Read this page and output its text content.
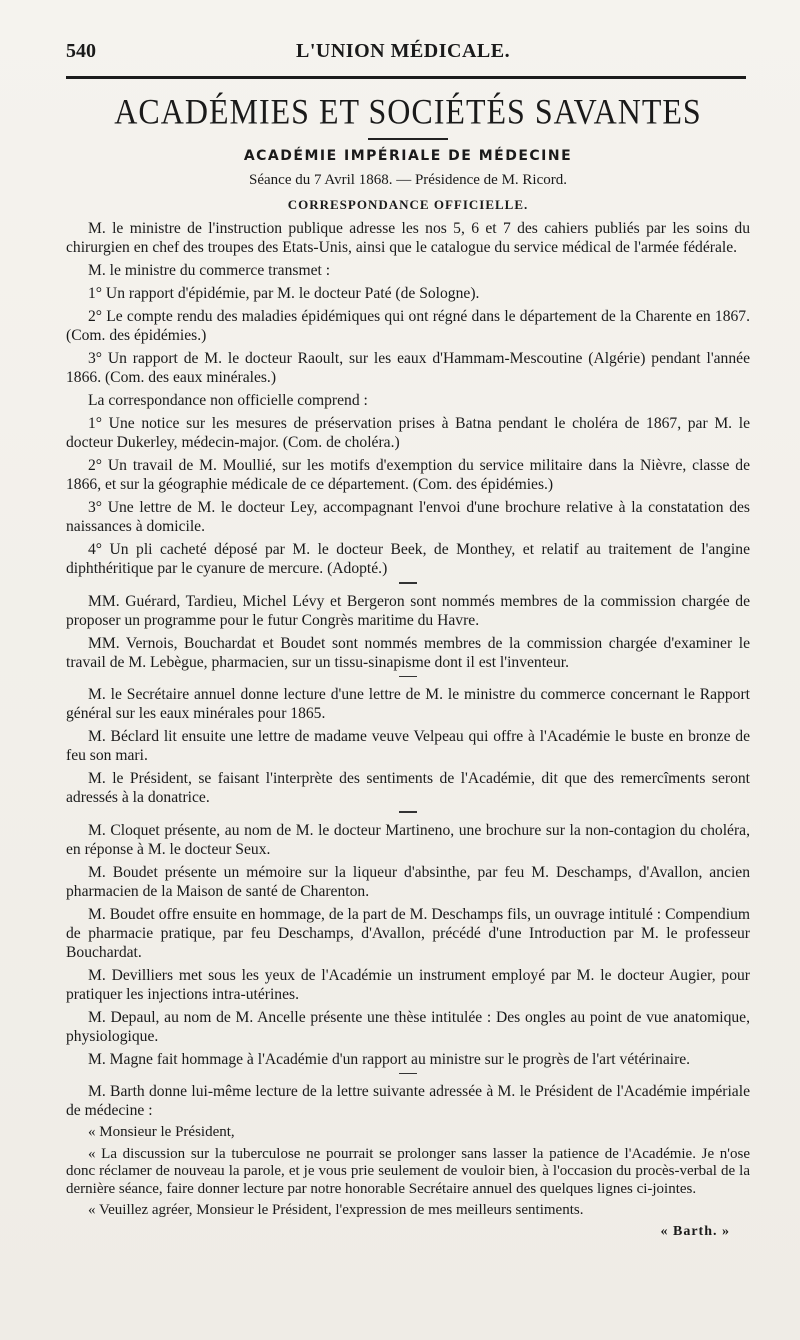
540	L'UNION MÉDICALE.
ACADÉMIES ET SOCIÉTÉS SAVANTES
ACADÉMIE IMPÉRIALE DE MÉDECINE
Séance du 7 Avril 1868. — Présidence de M. Ricord.
CORRESPONDANCE OFFICIELLE.

M. le ministre de l'instruction publique adresse les nos 5, 6 et 7 des cahiers publiés par les soins du chirurgien en chef des troupes des Etats-Unis, ainsi que le catalogue du service médical de l'armée fédérale.

M. le ministre du commerce transmet :

1° Un rapport d'épidémie, par M. le docteur Paté (de Sologne).

2° Le compte rendu des maladies épidémiques qui ont régné dans le département de la Charente en 1867. (Com. des épidémies.)

3° Un rapport de M. le docteur Raoult, sur les eaux d'Hammam-Mescoutine (Algérie) pendant l'année 1866. (Com. des eaux minérales.)

La correspondance non officielle comprend :

1° Une notice sur les mesures de préservation prises à Batna pendant le choléra de 1867, par M. le docteur Dukerley, médecin-major. (Com. de choléra.)

2° Un travail de M. Moullié, sur les motifs d'exemption du service militaire dans la Nièvre, classe de 1866, et sur la géographie médicale de ce département. (Com. des épidémies.)

3° Une lettre de M. le docteur Ley, accompagnant l'envoi d'une brochure relative à la constatation des naissances à domicile.

4° Un pli cacheté déposé par M. le docteur Beek, de Monthey, et relatif au traitement de l'angine diphthéritique par le cyanure de mercure. (Adopté.)

MM. Guérard, Tardieu, Michel Lévy et Bergeron sont nommés membres de la commission chargée de proposer un programme pour le futur Congrès maritime du Havre.

MM. Vernois, Bouchardat et Boudet sont nommés membres de la commission chargée d'examiner le travail de M. Lebègue, pharmacien, sur un tissu-sinapisme dont il est l'inventeur.

M. le Secrétaire annuel donne lecture d'une lettre de M. le ministre du commerce concernant le Rapport général sur les eaux minérales pour 1865.

M. Béclard lit ensuite une lettre de madame veuve Velpeau qui offre à l'Académie le buste en bronze de feu son mari.

M. le Président, se faisant l'interprète des sentiments de l'Académie, dit que des remercîments seront adressés à la donatrice.

M. Cloquet présente, au nom de M. le docteur Martineno, une brochure sur la non-contagion du choléra, en réponse à M. le docteur Seux.

M. Boudet présente un mémoire sur la liqueur d'absinthe, par feu M. Deschamps, d'Avallon, ancien pharmacien de la Maison de santé de Charenton.

M. Boudet offre ensuite en hommage, de la part de M. Deschamps fils, un ouvrage intitulé : Compendium de pharmacie pratique, par feu Deschamps, d'Avallon, précédé d'une Introduction par M. le professeur Bouchardat.

M. Devilliers met sous les yeux de l'Académie un instrument employé par M. le docteur Augier, pour pratiquer les injections intra-utérines.

M. Depaul, au nom de M. Ancelle présente une thèse intitulée : Des ongles au point de vue anatomique, physiologique.

M. Magne fait hommage à l'Académie d'un rapport au ministre sur le progrès de l'art vétérinaire.

M. Barth donne lui-même lecture de la lettre suivante adressée à M. le Président de l'Académie impériale de médecine :

« Monsieur le Président,

« La discussion sur la tuberculose ne pourrait se prolonger sans lasser la patience de l'Académie. Je n'ose donc réclamer de nouveau la parole, et je vous prie seulement de vouloir bien, à l'occasion du procès-verbal de la dernière séance, faire donner lecture par notre honorable Secrétaire annuel des quelques lignes ci-jointes.

« Veuillez agréer, Monsieur le Président, l'expression de mes meilleurs sentiments.

« Barth. »
